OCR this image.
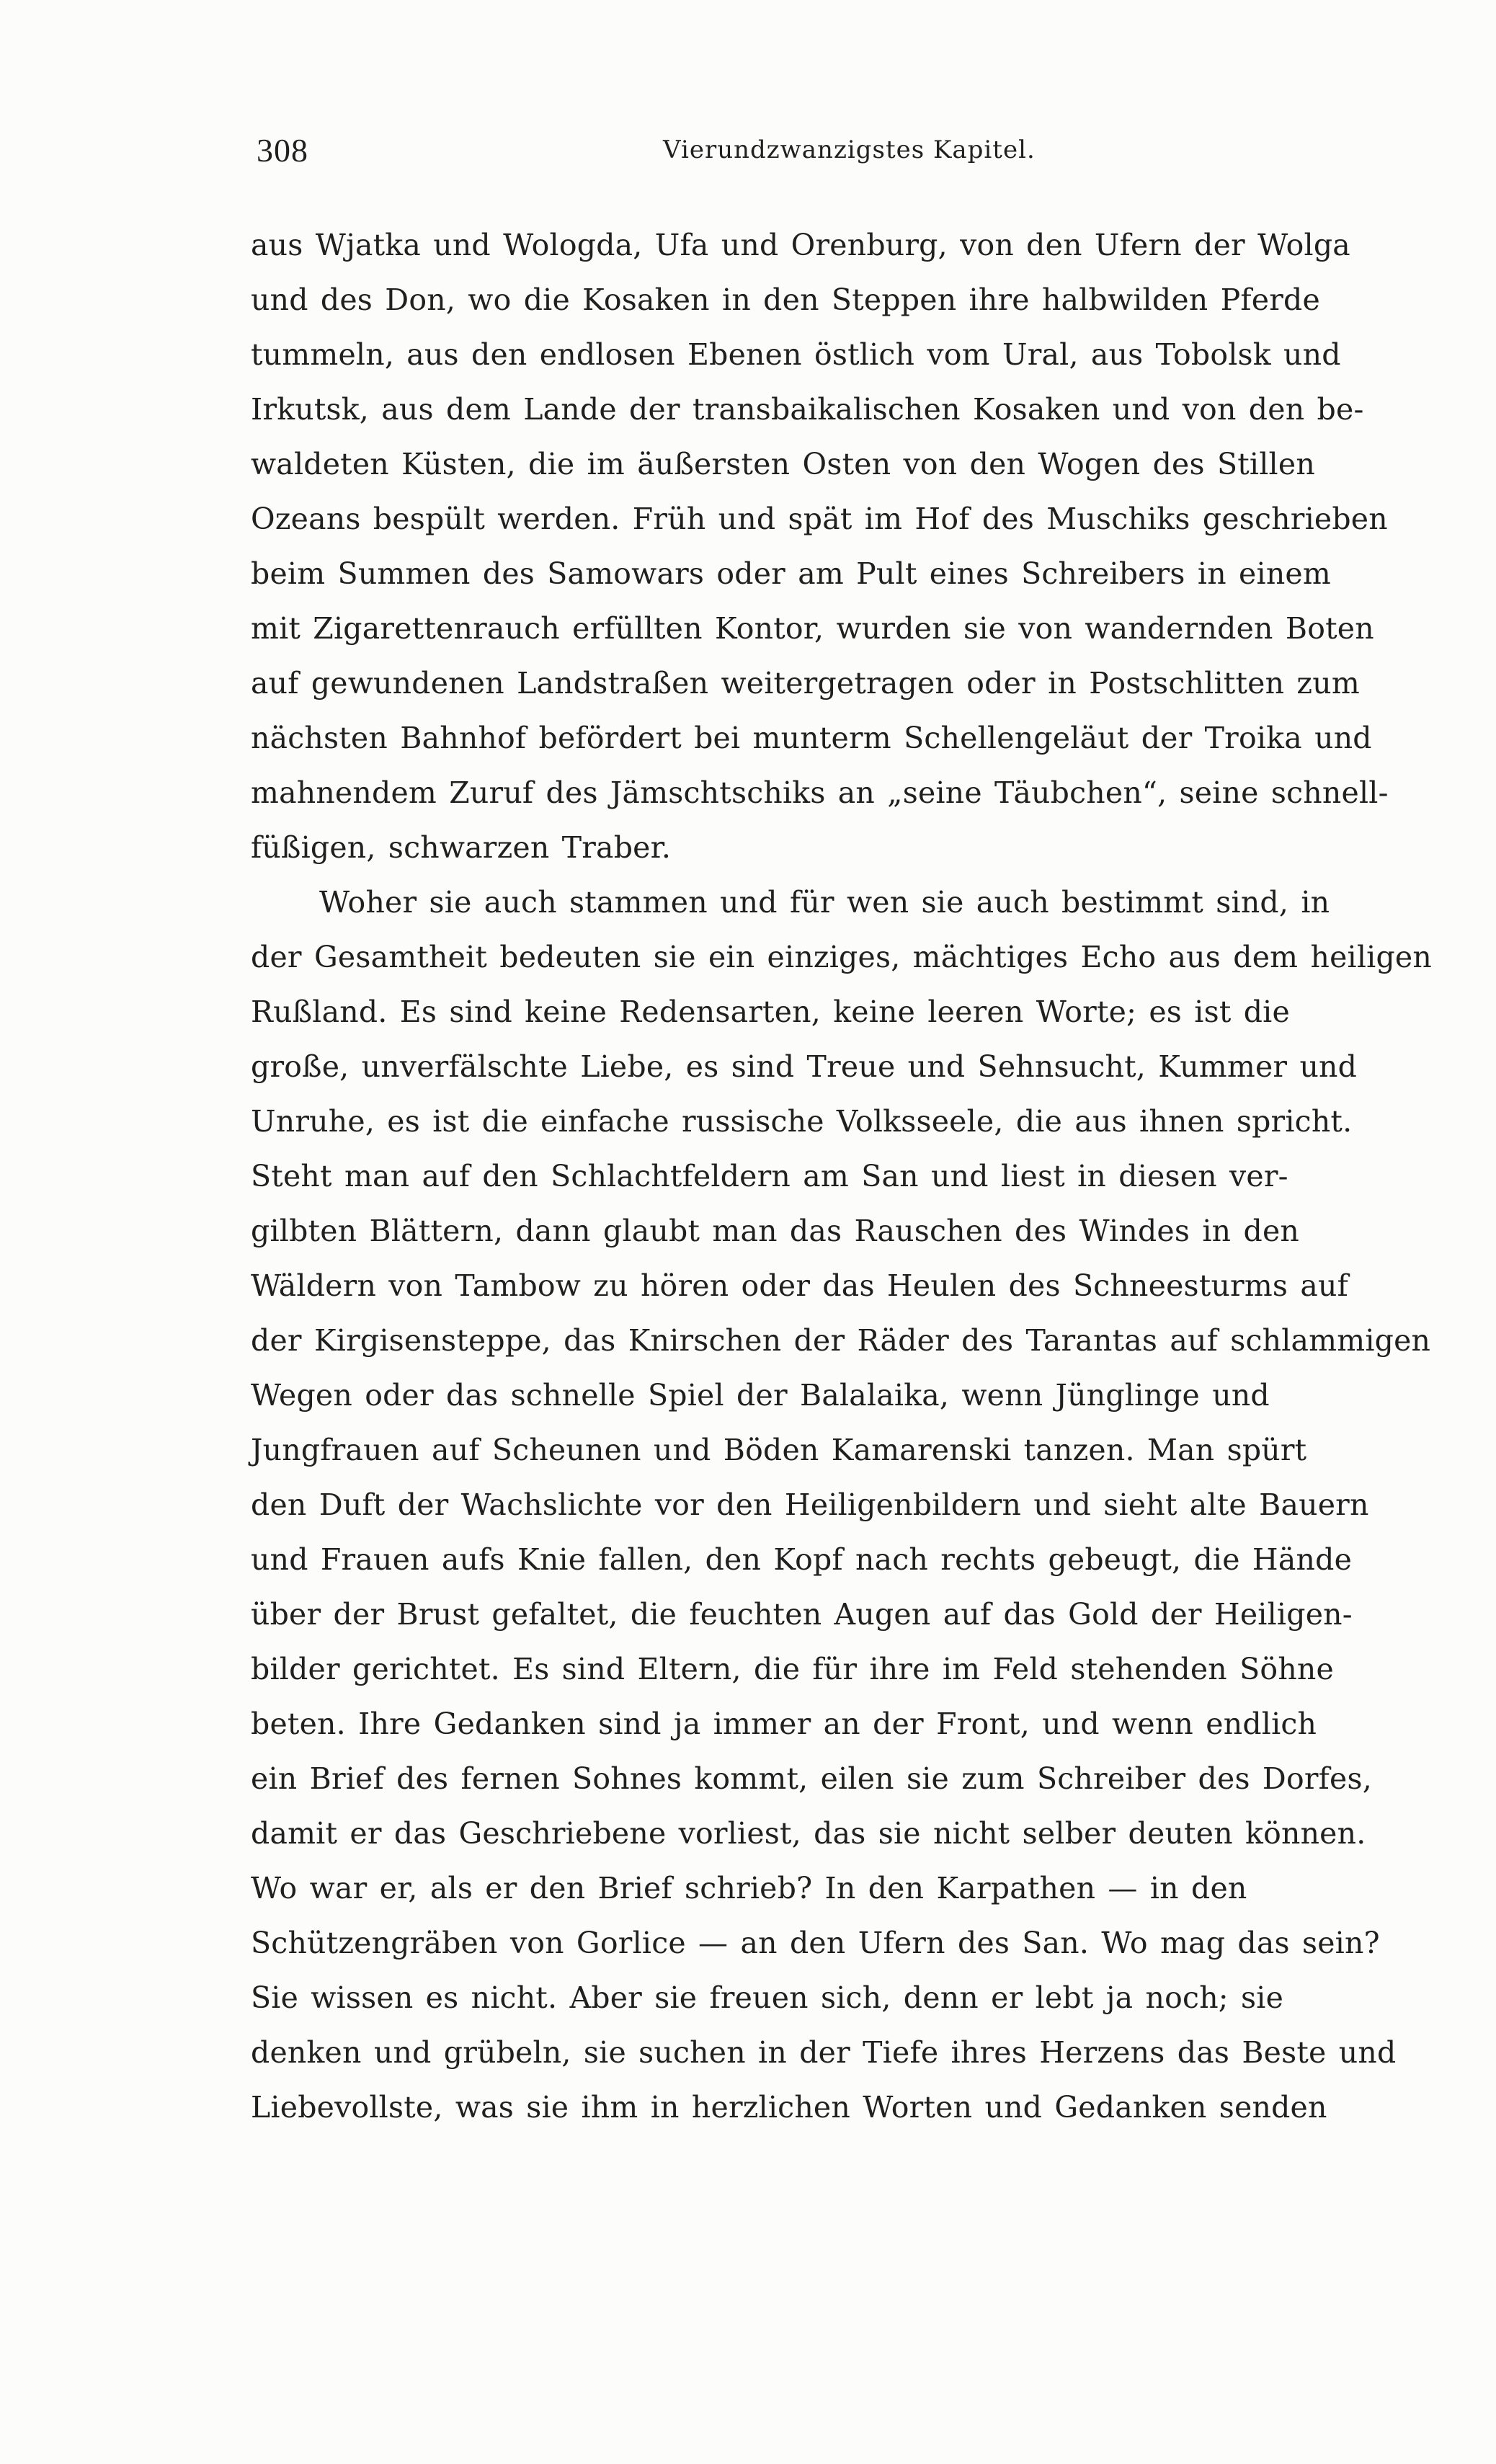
308	Vierundzwanzigstes Kapitel.
aus Wjatka und Wologda, Ufa und Orenburg, von den Ufern der Wolga
und des Don, wo die Kosaken in den Steppen ihre halbwilden Pferde
tummeln, aus den endlosen Ebenen östlich vom Ural, aus Tobolsk und
Irkutsk, aus dem Lande der transbaikalischen Kosaken und von den be-
waldeten Küsten, die im äußersten Osten von den Wogen des Stillen
Ozeans bespült werden. Früh und spät im Hof des Muschiks geschrieben
beim Summen des Samowars oder am Pult eines Schreibers in einem
mit Zigarettenrauch erfüllten Kontor, wurden sie von wandernden Boten
auf gewundenen Landstraßen weitergetragen oder in Postschlitten zum
nächsten Bahnhof befördert bei munterm Schellengeläut der Troika und
mahnendem Zuruf des Jämschtschiks an „seine Täubchen“, seine schnell-
füßigen, schwarzen Traber.
Woher sie auch stammen und für wen sie auch bestimmt sind, in
der Gesamtheit bedeuten sie ein einziges, mächtiges Echo aus dem heiligen
Rußland. Es sind keine Redensarten, keine leeren Worte; es ist die
große, unverfälschte Liebe, es sind Treue und Sehnsucht, Kummer und
Unruhe, es ist die einfache russische Volksseele, die aus ihnen spricht.
Steht man auf den Schlachtfeldern am San und liest in diesen ver-
gilbten Blättern, dann glaubt man das Rauschen des Windes in den
Wäldern von Tambow zu hören oder das Heulen des Schneesturms auf
der Kirgisensteppe, das Knirschen der Räder des Tarantas auf schlammigen
Wegen oder das schnelle Spiel der Balalaika, wenn Jünglinge und
Jungfrauen auf Scheunen und Böden Kamarenski tanzen. Man spürt
den Duft der Wachslichte vor den Heiligenbildern und sieht alte Bauern
und Frauen aufs Knie fallen, den Kopf nach rechts gebeugt, die Hände
über der Brust gefaltet, die feuchten Augen auf das Gold der Heiligen-
bilder gerichtet. Es sind Eltern, die für ihre im Feld stehenden Söhne
beten. Ihre Gedanken sind ja immer an der Front, und wenn endlich
ein Brief des fernen Sohnes kommt, eilen sie zum Schreiber des Dorfes,
damit er das Geschriebene vorliest, das sie nicht selber deuten können.
Wo war er, als er den Brief schrieb? In den Karpathen — in den
Schützengräben von Gorlice — an den Ufern des San. Wo mag das sein?
Sie wissen es nicht. Aber sie freuen sich, denn er lebt ja noch; sie
denken und grübeln, sie suchen in der Tiefe ihres Herzens das Beste und
Liebevollste, was sie ihm in herzlichen Worten und Gedanken senden
